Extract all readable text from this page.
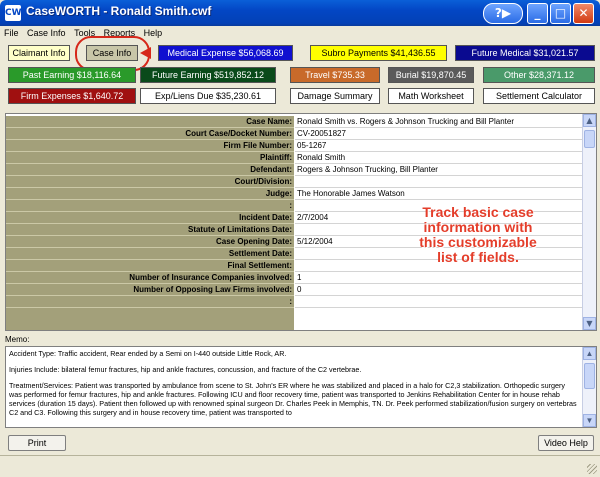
CW CaseWORTH - Ronald Smith.cwf	?▶	_	□	✕
File Case Info Tools Reports Help
Claimant Info	Case Info	Medical Expense $56,068.69	Subro Payments $41,436.55	Future Medical $31,021.57
Past Earning $18,116.64	Future Earning $519,852.12	Travel $735.33	Burial $19,870.45	Other $28,371.12
Firm Expenses $1,640.72	Exp/Liens Due $35,230.61	Damage Summary	Math Worksheet	Settlement Calculator
Case Name: Ronald Smith vs. Rogers & Johnson Trucking and Bill Planter
Court Case/Docket Number: CV-20051827
Firm File Number: 05-1267
Plaintiff: Ronald Smith
Defendant: Rogers & Johnson Trucking, Bill Planter
Court/Division:
Judge: The Honorable James Watson
:
Incident Date: 2/7/2004
Statute of Limitations Date:
Case Opening Date: 5/12/2004
Settlement Date:
Final Settlement:
Number of Insurance Companies involved: 1
Number of Opposing Law Firms involved: 0
:
▲
▼
Track basic case
information with
this customizable
list of fields.
Memo:

Accident Type: Traffic accident, Rear ended by a Semi on I-440 outside Little Rock, AR.

Injuries Include: bilateral femur fractures, hip and ankle fractures, concussion, and fracture of the C2 vertebrae.

Treatment/Services: Patient was transported by ambulance from scene to St. John's ER where he was stabilized and placed in a halo for C2,3 stabilization. Orthopedic surgery was performed for femur fractures, hip and ankle fractures. Following ICU and floor recovery time, patient was transported to Jenkins Rehabilitation Center for in house rehab services (duration 15 days). Patient then followed up with renowned spinal surgeon Dr. Charles Peek in Memphis, TN. Dr. Peek performed stabilization/fusion surgery on vertebras C2 and C3. Following this surgery and in house recovery time, patient was transported to

▲
▼
Print	Video Help
